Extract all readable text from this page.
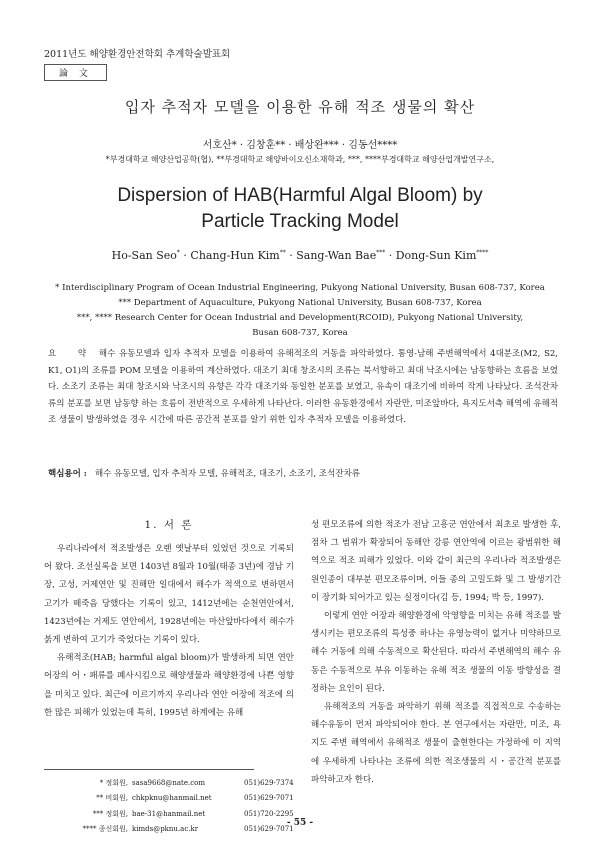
2011년도 해양환경안전학회 추계학술발표회
論 文
입자 추적자 모델을 이용한 유해 적조 생물의 확산
서호산* · 김창훈** · 배상완*** · 김동선****
*부경대학교 해양산업공학(협), **부경대학교 해양바이오신소재학과, ***, ****부경대학교 해양산업개발연구소,
Dispersion of HAB(Harmful Algal Bloom) by
Particle Tracking Model
Ho-San Seo* · Chang-Hun Kim** · Sang-Wan Bae*** · Dong-Sun Kim****
* Interdisciplinary Program of Ocean Industrial Engineering, Pukyong National University, Busan 608-737, Korea
*** Department of Aquaculture, Pukyong National University, Busan 608-737, Korea
***, **** Research Center for Ocean Industrial and Development(RCOID), Pukyong National University,
Busan 608-737, Korea
요 약 해수 유동모델과 입자 추적자 모델을 이용하여 유해적조의 거동을 파악하였다. 통영-남해 주변해역에서 4대분조(M2, S2, K1, O1)의 조류를 POM 모델을 이용하여 계산하였다. 대조기 최대 창조시의 조류는 북서향하고 최대 낙조시에는 남동향하는 흐름을 보였다. 소조기 조류는 최대 창조시와 낙조시의 유향은 각각 대조기와 동일한 분포를 보였고, 유속이 대조기에 비하여 작게 나타났다. 조석잔차류의 분포를 보면 남동향 하는 흐름이 전반적으로 우세하게 나타난다. 이러한 유동환경에서 자란만, 미조앞바다, 욕지도서측 해역에 유해적조 생물이 발생하였을 경우 시간에 따른 공간적 분포를 알기 위한 입자 추적자 모델을 이용하였다.
핵심용어 : 해수 유동모델, 입자 추적자 모델, 유해적조, 대조기, 소조기, 조석잔차류
1. 서 론

우리나라에서 적조발생은 오랜 옛날부터 있었던 것으로 기록되어 왔다. 조선실록을 보면 1403년 8월과 10월(태종 3년)에 경남 기장, 고성, 거제연안 및 진해만 일대에서 해수가 적색으로 변하면서 고기가 떼죽음 당했다는 기록이 있고, 1412년에는 순천연안에서, 1423년에는 거제도 연안에서, 1928년에는 마산앞바다에서 해수가 붉게 변하여 고기가 죽었다는 기록이 있다.

유해적조(HAB; harmful algal bloom)가 발생하게 되면 연안어장의 어・패류를 폐사시킴으로 해양생물과 해양환경에 나쁜 영향을 미치고 있다. 최근에 이르기까지 우리나라 연안 어장에 적조에 의한 많은 피해가 있었는데 특히, 1995년 하계에는 유해

성 편모조류에 의한 적조가 전남 고흥군 연안에서 최초로 발생한 후, 점차 그 범위가 확장되어 동해안 강릉 연안역에 이르는 광범위한 해역으로 적조 피해가 있었다. 이와 같이 최근의 우리나라 적조발생은 원인종이 대부분 편모조류이며, 이들 종의 고밀도화 및 그 발생기간이 장기화 되어가고 있는 실정이다(김 등, 1994; 박 등, 1997).

이렇게 연안 어장과 해양환경에 악영향을 미치는 유해 적조를 발생시키는 편모조류의 특성중 하나는 유영능력이 없거나 미약하므로 해수 거동에 의해 수동적으로 확산된다. 따라서 주변해역의 해수 유동은 수동적으로 부유 이동하는 유해 적조 생물의 이동 방향성을 결정하는 요인이 된다.

유해적조의 거동을 파악하기 위해 적조를 직접적으로 수송하는 해수유동이 먼저 파악되어야 한다. 본 연구에서는 자란만, 미조, 욕지도 주변 해역에서 유해적조 생물이 출현한다는 가정하에 이 지역에 우세하게 나타나는 조류에 의한 적조생물의 시・공간적 분포를 파악하고자 한다.

* 정회원,	sasa9668@nate.com	051)629-7374
** 비회원,	chkpknu@hanmail.net	051)629-7071
*** 정회원,	bae-31@hanmail.net	051)720-2295
**** 종신회원,	kimds@pknu.ac.kr	051)629-7071
- 55 -
